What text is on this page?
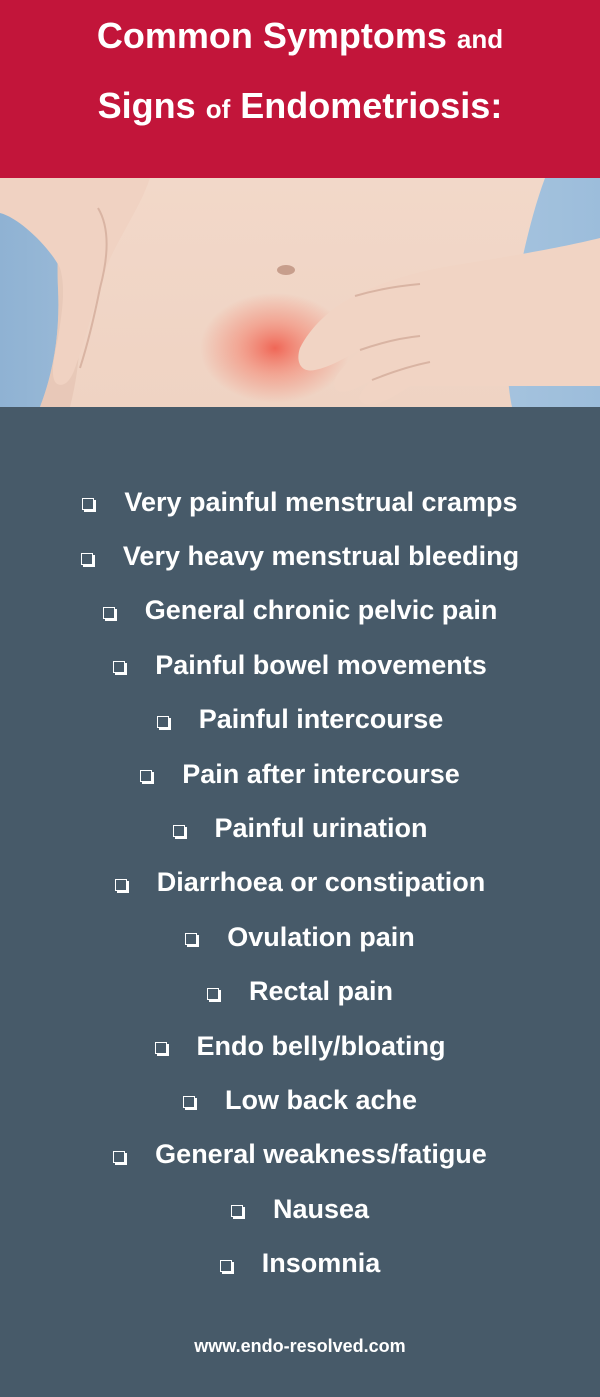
Common Symptoms and
Signs of Endometriosis:
Very painful menstrual cramps
Very heavy menstrual bleeding
General chronic pelvic pain
Painful bowel movements
Painful intercourse
Pain after intercourse
Painful urination
Diarrhoea or constipation
Ovulation pain
Rectal pain
Endo belly/bloating
Low back ache
General weakness/fatigue
Nausea
Insomnia
www.endo-resolved.com
